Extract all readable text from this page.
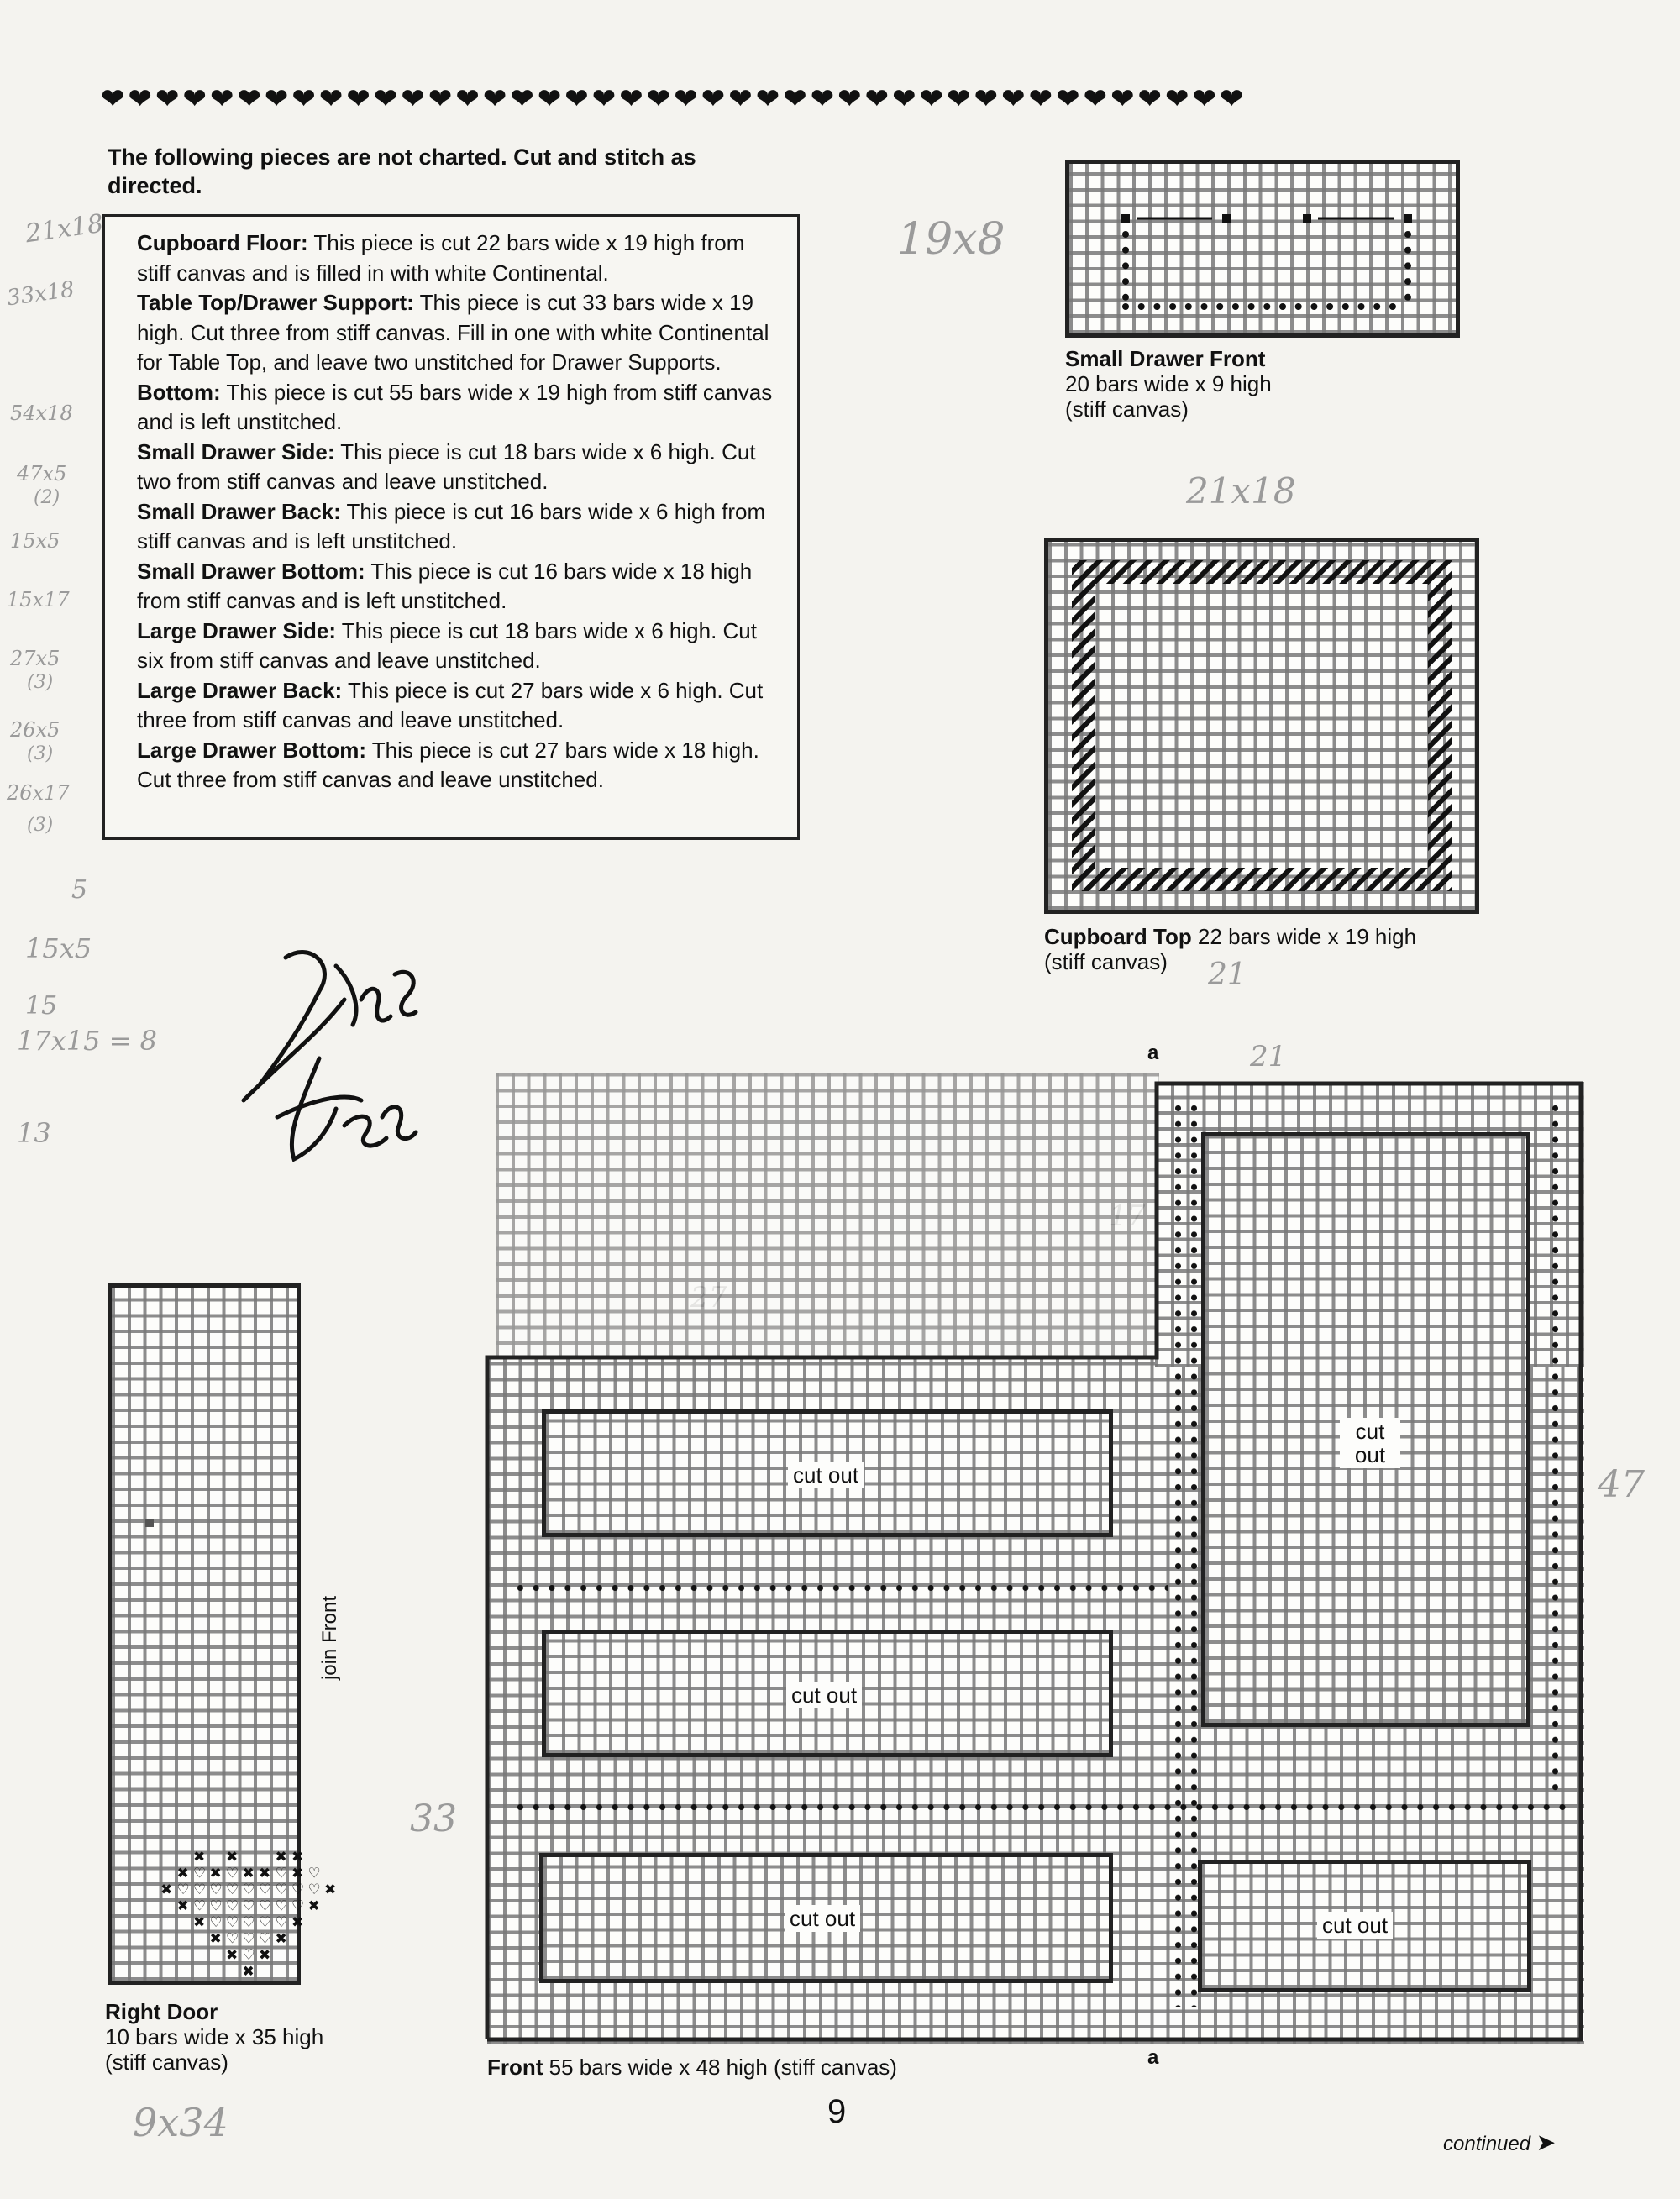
❤❤❤❤❤❤❤❤❤❤❤❤❤❤❤❤❤❤❤❤❤❤❤❤❤❤❤❤❤❤❤❤❤❤❤❤❤❤❤❤❤❤
The following pieces are not charted. Cut and stitch as directed.

Cupboard Floor: This piece is cut 22 bars wide x 19 high from stiff canvas and is filled in with white Continental.

Table Top/Drawer Support: This piece is cut 33 bars wide x 19 high. Cut three from stiff canvas. Fill in one with white Continental for Table Top, and leave two unstitched for Drawer Supports.

Bottom: This piece is cut 55 bars wide x 19 high from stiff canvas and is left unstitched.

Small Drawer Side: This piece is cut 18 bars wide x 6 high. Cut two from stiff canvas and leave unstitched.

Small Drawer Back: This piece is cut 16 bars wide x 6 high from stiff canvas and is left unstitched.

Small Drawer Bottom: This piece is cut 16 bars wide x 18 high from stiff canvas and is left unstitched.

Large Drawer Side: This piece is cut 18 bars wide x 6 high. Cut six from stiff canvas and leave unstitched.

Large Drawer Back: This piece is cut 27 bars wide x 6 high. Cut three from stiff canvas and leave unstitched.

Large Drawer Bottom: This piece is cut 27 bars wide x 18 high. Cut three from stiff canvas and leave unstitched.

21x18
33x18
54x18
47x5
(2)
15x5
15x17
27x5
(3)
26x5
(3)
26x17
(3)
5
15x5
15
17x15 = 8
13
19x8
21x18
21
21
47
33
9x34
Small Drawer Front
20 bars wide x 9 high
(stiff canvas)
Cupboard Top 22 bars wide x 19 high
(stiff canvas)
✖ ✖	✖ ✖
✖ ♡ ✖ ♡ ✖ ✖ ♡ ✖ ♡
✖ ♡ ♡ ♡ ♡ ♡ ♡ ♡ ♡ ♡ ✖
✖ ♡ ♡ ♡ ♡ ♡ ♡ ♡ ✖
✖ ♡ ♡ ♡ ♡ ♡ ✖
✖ ♡ ♡ ♡ ✖
✖ ♡ ✖
✖
join Front
Right Door
10 bars wide x 35 high
(stiff canvas)
cut out
cut out
cut out
cut out
cut out
a
a
Front 55 bars wide x 48 high (stiff canvas)
9
continued ➤
